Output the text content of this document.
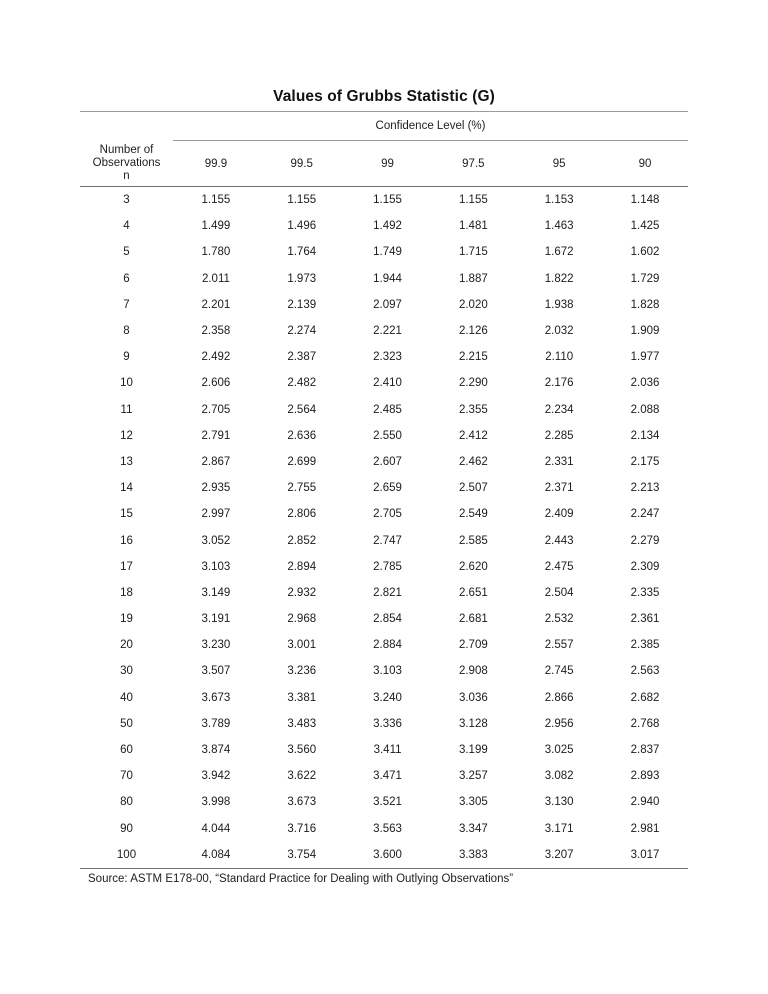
Values of Grubbs Statistic (G)
	Confidence Level (%)					

Number of
Observations
n	99.9	99.5	99	97.5	95	90
3	1.155	1.155	1.155	1.155	1.153	1.148
4	1.499	1.496	1.492	1.481	1.463	1.425
5	1.780	1.764	1.749	1.715	1.672	1.602
6	2.011	1.973	1.944	1.887	1.822	1.729
7	2.201	2.139	2.097	2.020	1.938	1.828
8	2.358	2.274	2.221	2.126	2.032	1.909
9	2.492	2.387	2.323	2.215	2.110	1.977
10	2.606	2.482	2.410	2.290	2.176	2.036
11	2.705	2.564	2.485	2.355	2.234	2.088
12	2.791	2.636	2.550	2.412	2.285	2.134
13	2.867	2.699	2.607	2.462	2.331	2.175
14	2.935	2.755	2.659	2.507	2.371	2.213
15	2.997	2.806	2.705	2.549	2.409	2.247
16	3.052	2.852	2.747	2.585	2.443	2.279
17	3.103	2.894	2.785	2.620	2.475	2.309
18	3.149	2.932	2.821	2.651	2.504	2.335
19	3.191	2.968	2.854	2.681	2.532	2.361
20	3.230	3.001	2.884	2.709	2.557	2.385
30	3.507	3.236	3.103	2.908	2.745	2.563
40	3.673	3.381	3.240	3.036	2.866	2.682
50	3.789	3.483	3.336	3.128	2.956	2.768
60	3.874	3.560	3.411	3.199	3.025	2.837
70	3.942	3.622	3.471	3.257	3.082	2.893
80	3.998	3.673	3.521	3.305	3.130	2.940
90	4.044	3.716	3.563	3.347	3.171	2.981
100	4.084	3.754	3.600	3.383	3.207	3.017
Source: ASTM E178-00, “Standard Practice for Dealing with Outlying Observations”
